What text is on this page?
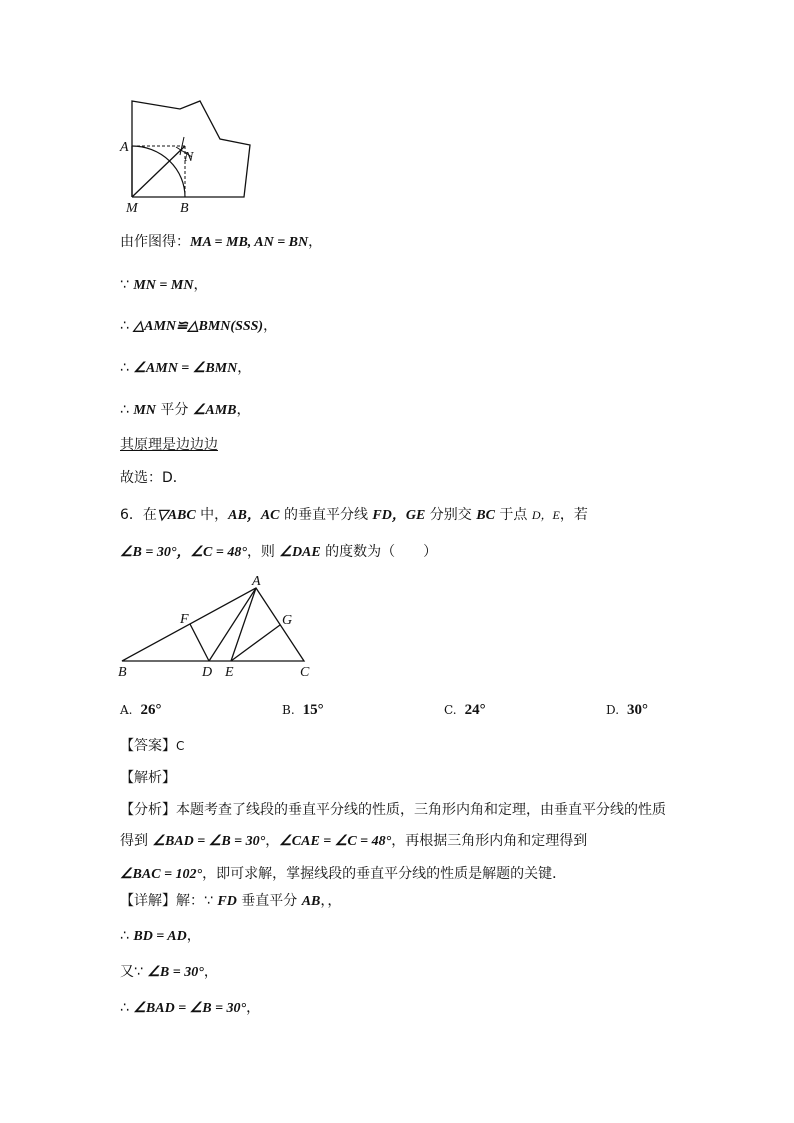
A
N
M	B
由作图得：MA = MB, AN = BN，
∵ MN = MN，
∴ △AMN≌△BMN(SSS)，
∴ ∠AMN = ∠BMN，
∴ MN 平分 ∠AMB，
其原理是边边边
故选：D．
6．在▽ABC 中，AB，AC 的垂直平分线 FD，GE 分别交 BC 于点 D，E，若
∠B = 30°，∠C = 48°，则 ∠DAE 的度数为（　　）
A
F	G
B	D E	C
A. 26°	B. 15°	C. 24°	D. 30°
【答案】C
【解析】
【分析】本题考查了线段的垂直平分线的性质，三角形内角和定理，由垂直平分线的性质
得到 ∠BAD = ∠B = 30°，∠CAE = ∠C = 48°，再根据三角形内角和定理得到
∠BAC = 102°，即可求解，掌握线段的垂直平分线的性质是解题的关键．
【详解】解：∵ FD 垂直平分 AB，，
∴ BD = AD，
又∵ ∠B = 30°，
∴ ∠BAD = ∠B = 30°，
